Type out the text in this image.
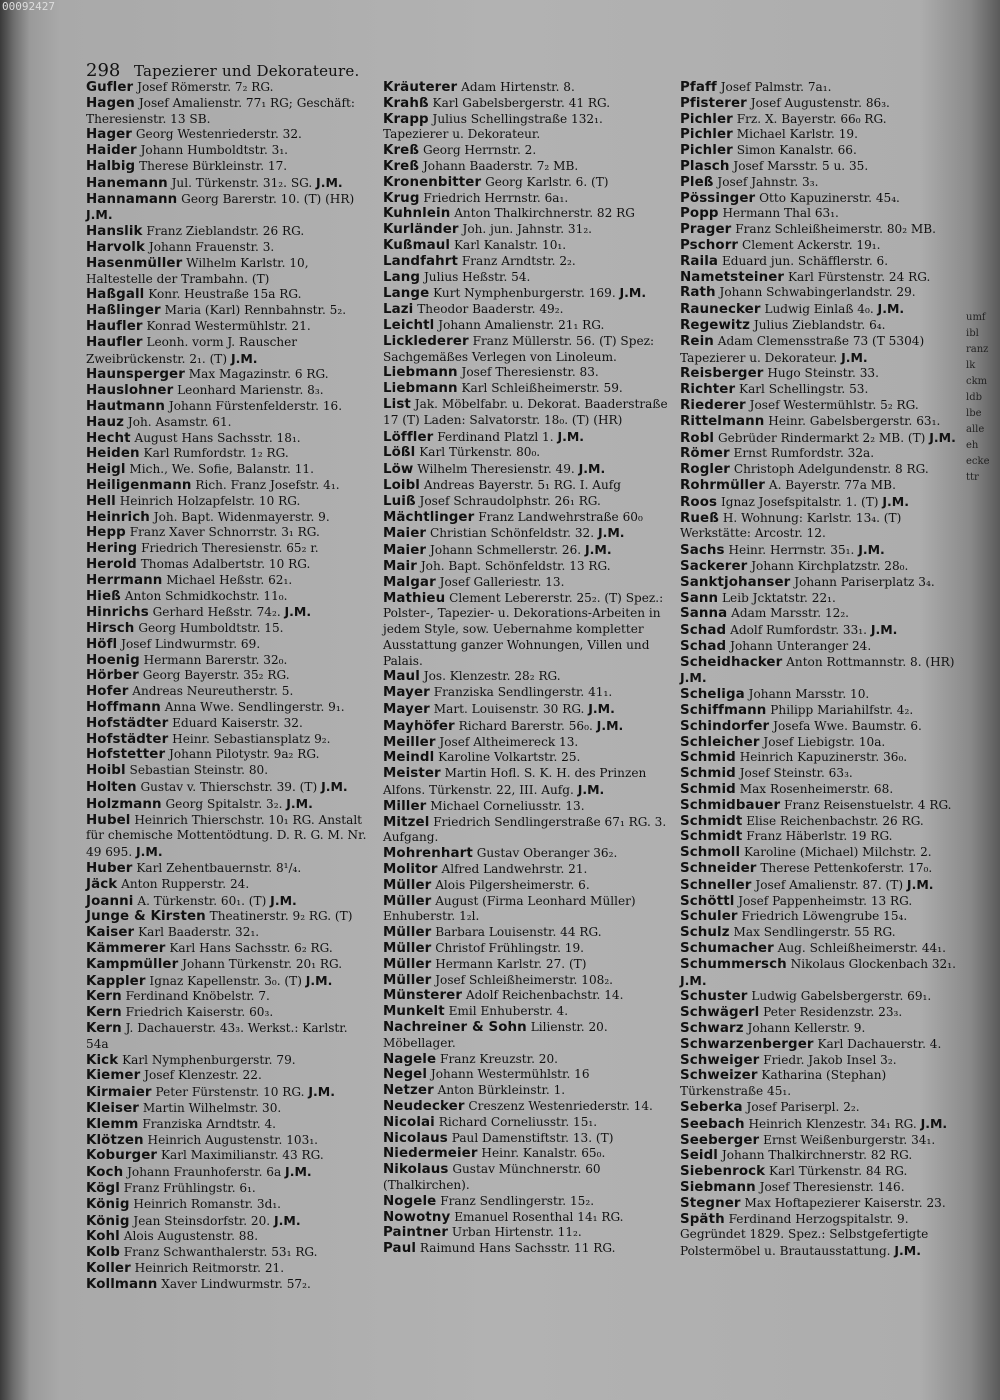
00092427
298 Tapezierer und Dekorateure.
Gufler Josef Römerstr. 7₂ RG.
Hagen Josef Amalienstr. 77₁ RG; Geschäft: Theresienstr. 13 SB.
Hager Georg Westenriederstr. 32.
Haider Johann Humboldtstr. 3₁.
Halbig Therese Bürkleinstr. 17.
Hanemann Jul. Türkenstr. 31₂. SG. J.M.
Hannamann Georg Barerstr. 10. (T) (HR) J.M.
Hanslik Franz Zieblandstr. 26 RG.
Harvolk Johann Frauenstr. 3.
Hasenmüller Wilhelm Karlstr. 10, Haltestelle der Trambahn. (T)
Haßgall Konr. Heustraße 15a RG.
Haßlinger Maria (Karl) Rennbahnstr. 5₂.
Haufler Konrad Westermühlstr. 21.
Haufler Leonh. vorm J. Rauscher Zweibrückenstr. 2₁. (T) J.M.
Haunsperger Max Magazinstr. 6 RG.
Hauslohner Leonhard Marienstr. 8₃.
Hautmann Johann Fürstenfelderstr. 16.
Hauz Joh. Asamstr. 61.
Hecht August Hans Sachsstr. 18₁.
Heiden Karl Rumfordstr. 1₂ RG.
Heigl Mich., We. Sofie, Balanstr. 11.
Heiligenmann Rich. Franz Josefstr. 4₁.
Hell Heinrich Holzapfelstr. 10 RG.
Heinrich Joh. Bapt. Widenmayerstr. 9.
Hepp Franz Xaver Schnorrstr. 3₁ RG.
Hering Friedrich Theresienstr. 65₂ r.
Herold Thomas Adalbertstr. 10 RG.
Herrmann Michael Heßstr. 62₁.
Hieß Anton Schmidkochstr. 11₀.
Hinrichs Gerhard Heßstr. 74₂. J.M.
Hirsch Georg Humboldtstr. 15.
Höfl Josef Lindwurmstr. 69.
Hoenig Hermann Barerstr. 32₀.
Hörber Georg Bayerstr. 35₂ RG.
Hofer Andreas Neureutherstr. 5.
Hoffmann Anna Wwe. Sendlingerstr. 9₁.
Hofstädter Eduard Kaiserstr. 32.
Hofstädter Heinr. Sebastiansplatz 9₂.
Hofstetter Johann Pilotystr. 9a₂ RG.
Hoibl Sebastian Steinstr. 80.
Holten Gustav v. Thierschstr. 39. (T) J.M.
Holzmann Georg Spitalstr. 3₂. J.M.
Hubel Heinrich Thierschstr. 10₁ RG. Anstalt für chemische Mottentödtung. D. R. G. M. Nr. 49 695. J.M.
Huber Karl Zehentbauernstr. 8¹/₄.
Jäck Anton Rupperstr. 24.
Joanni A. Türkenstr. 60₁. (T) J.M.
Junge & Kirsten Theatinerstr. 9₂ RG. (T)
Kaiser Karl Baaderstr. 32₁.
Kämmerer Karl Hans Sachsstr. 6₂ RG.
Kampmüller Johann Türkenstr. 20₁ RG.
Kappler Ignaz Kapellenstr. 3₀. (T) J.M.
Kern Ferdinand Knöbelstr. 7.
Kern Friedrich Kaiserstr. 60₃.
Kern J. Dachauerstr. 43₃. Werkst.: Karlstr. 54a
Kick Karl Nymphenburgerstr. 79.
Kiemer Josef Klenzestr. 22.
Kirmaier Peter Fürstenstr. 10 RG. J.M.
Kleiser Martin Wilhelmstr. 30.
Klemm Franziska Arndtstr. 4.
Klötzen Heinrich Augustenstr. 103₁.
Koburger Karl Maximilianstr. 43 RG.
Koch Johann Fraunhoferstr. 6a J.M.
Kögl Franz Frühlingstr. 6₁.
König Heinrich Romanstr. 3d₁.
König Jean Steinsdorfstr. 20. J.M.
Kohl Alois Augustenstr. 88.
Kolb Franz Schwanthalerstr. 53₁ RG.
Koller Heinrich Reitmorstr. 21.
Kollmann Xaver Lindwurmstr. 57₂.
Kräuterer Adam Hirtenstr. 8.
Krahß Karl Gabelsbergerstr. 41 RG.
Krapp Julius Schellingstraße 132₁. Tapezierer u. Dekorateur.
Kreß Georg Herrnstr. 2.
Kreß Johann Baaderstr. 7₂ MB.
Kronenbitter Georg Karlstr. 6. (T)
Krug Friedrich Herrnstr. 6a₁.
Kuhnlein Anton Thalkirchnerstr. 82 RG
Kurländer Joh. jun. Jahnstr. 31₂.
Kußmaul Karl Kanalstr. 10₁.
Landfahrt Franz Arndtstr. 2₂.
Lang Julius Heßstr. 54.
Lange Kurt Nymphenburgerstr. 169. J.M.
Lazi Theodor Baaderstr. 49₂.
Leichtl Johann Amalienstr. 21₁ RG.
Licklederer Franz Müllerstr. 56. (T) Spez: Sachgemäßes Verlegen von Linoleum.
Liebmann Josef Theresienstr. 83.
Liebmann Karl Schleißheimerstr. 59.
List Jak. Möbelfabr. u. Dekorat. Baaderstraße 17 (T) Laden: Salvatorstr. 18₀. (T) (HR)
Löffler Ferdinand Platzl 1. J.M.
Lößl Karl Türkenstr. 80₀.
Löw Wilhelm Theresienstr. 49. J.M.
Loibl Andreas Bayerstr. 5₁ RG. I. Aufg
Luiß Josef Schraudolphstr. 26₁ RG.
Mächtlinger Franz Landwehrstraße 60₀
Maier Christian Schönfeldstr. 32. J.M.
Maier Johann Schmellerstr. 26. J.M.
Mair Joh. Bapt. Schönfeldstr. 13 RG.
Malgar Josef Galleriestr. 13.
Mathieu Clement Lebererstr. 25₂. (T) Spez.: Polster-, Tapezier- u. Dekorations-Arbeiten in jedem Style, sow. Uebernahme kompletter Ausstattung ganzer Wohnungen, Villen und Palais.
Maul Jos. Klenzestr. 28₂ RG.
Mayer Franziska Sendlingerstr. 41₁.
Mayer Mart. Louisenstr. 30 RG. J.M.
Mayhöfer Richard Barerstr. 56₀. J.M.
Meiller Josef Altheimereck 13.
Meindl Karoline Volkartstr. 25.
Meister Martin Hofl. S. K. H. des Prinzen Alfons. Türkenstr. 22, III. Aufg. J.M.
Miller Michael Corneliusstr. 13.
Mitzel Friedrich Sendlingerstraße 67₁ RG. 3. Aufgang.
Mohrenhart Gustav Oberanger 36₂.
Molitor Alfred Landwehrstr. 21.
Müller Alois Pilgersheimerstr. 6.
Müller August (Firma Leonhard Müller) Enhuberstr. 1₂l.
Müller Barbara Louisenstr. 44 RG.
Müller Christof Frühlingstr. 19.
Müller Hermann Karlstr. 27. (T)
Müller Josef Schleißheimerstr. 108₂.
Münsterer Adolf Reichenbachstr. 14.
Munkelt Emil Enhuberstr. 4.
Nachreiner & Sohn Lilienstr. 20. Möbellager.
Nagele Franz Kreuzstr. 20.
Negel Johann Westermühlstr. 16
Netzer Anton Bürkleinstr. 1.
Neudecker Creszenz Westenriederstr. 14.
Nicolai Richard Corneliusstr. 15₁.
Nicolaus Paul Damenstiftstr. 13. (T)
Niedermeier Heinr. Kanalstr. 65₀.
Nikolaus Gustav Münchnerstr. 60 (Thalkirchen).
Nogele Franz Sendlingerstr. 15₂.
Nowotny Emanuel Rosenthal 14₁ RG.
Paintner Urban Hirtenstr. 11₂.
Paul Raimund Hans Sachsstr. 11 RG.
Pfaff Josef Palmstr. 7a₁.
Pfisterer Josef Augustenstr. 86₃.
Pichler Frz. X. Bayerstr. 66₀ RG.
Pichler Michael Karlstr. 19.
Pichler Simon Kanalstr. 66.
Plasch Josef Marsstr. 5 u. 35.
Pleß Josef Jahnstr. 3₃.
Pössinger Otto Kapuzinerstr. 45₄.
Popp Hermann Thal 63₁.
Prager Franz Schleißheimerstr. 80₂ MB.
Pschorr Clement Ackerstr. 19₁.
Raila Eduard jun. Schäfflerstr. 6.
Nametsteiner Karl Fürstenstr. 24 RG.
Rath Johann Schwabingerlandstr. 29.
Raunecker Ludwig Einlaß 4₀. J.M.
Regewitz Julius Zieblandstr. 6₄.
Rein Adam Clemensstraße 73 (T 5304) Tapezierer u. Dekorateur. J.M.
Reisberger Hugo Steinstr. 33.
Richter Karl Schellingstr. 53.
Riederer Josef Westermühlstr. 5₂ RG.
Rittelmann Heinr. Gabelsbergerstr. 63₁.
Robl Gebrüder Rindermarkt 2₂ MB. (T) J.M.
Römer Ernst Rumfordstr. 32a.
Rogler Christoph Adelgundenstr. 8 RG.
Rohrmüller A. Bayerstr. 77a MB.
Roos Ignaz Josefspitalstr. 1. (T) J.M.
Rueß H. Wohnung: Karlstr. 13₄. (T) Werkstätte: Arcostr. 12.
Sachs Heinr. Herrnstr. 35₁. J.M.
Sackerer Johann Kirchplatzstr. 28₀.
Sanktjohanser Johann Pariserplatz 3₄.
Sann Leib Jcktatstr. 22₁.
Sanna Adam Marsstr. 12₂.
Schad Adolf Rumfordstr. 33₁. J.M.
Schad Johann Unteranger 24.
Scheidhacker Anton Rottmannstr. 8. (HR) J.M.
Scheliga Johann Marsstr. 10.
Schiffmann Philipp Mariahilfstr. 4₂.
Schindorfer Josefa Wwe. Baumstr. 6.
Schleicher Josef Liebigstr. 10a.
Schmid Heinrich Kapuzinerstr. 36₀.
Schmid Josef Steinstr. 63₃.
Schmid Max Rosenheimerstr. 68.
Schmidbauer Franz Reisenstuelstr. 4 RG.
Schmidt Elise Reichenbachstr. 26 RG.
Schmidt Franz Häberlstr. 19 RG.
Schmoll Karoline (Michael) Milchstr. 2.
Schneider Therese Pettenkoferstr. 17₀.
Schneller Josef Amalienstr. 87. (T) J.M.
Schöttl Josef Pappenheimstr. 13 RG.
Schuler Friedrich Löwengrube 15₄.
Schulz Max Sendlingerstr. 55 RG.
Schumacher Aug. Schleißheimerstr. 44₁.
Schummersch Nikolaus Glockenbach 32₁. J.M.
Schuster Ludwig Gabelsbergerstr. 69₁.
Schwägerl Peter Residenzstr. 23₃.
Schwarz Johann Kellerstr. 9.
Schwarzenberger Karl Dachauerstr. 4.
Schweiger Friedr. Jakob Insel 3₂.
Schweizer Katharina (Stephan) Türkenstraße 45₁.
Seberka Josef Pariserpl. 2₂.
Seebach Heinrich Klenzestr. 34₁ RG. J.M.
Seeberger Ernst Weißenburgerstr. 34₁.
Seidl Johann Thalkirchnerstr. 82 RG.
Siebenrock Karl Türkenstr. 84 RG.
Siebmann Josef Theresienstr. 146.
Stegner Max Hoftapezierer Kaiserstr. 23.
Späth Ferdinand Herzogspitalstr. 9. Gegründet 1829. Spez.: Selbstgefertigte Polstermöbel u. Brautausstattung. J.M.
umf
ibl
ranz
lk
ckm
ldb
lbe
alle
eh
ecke
ttr
